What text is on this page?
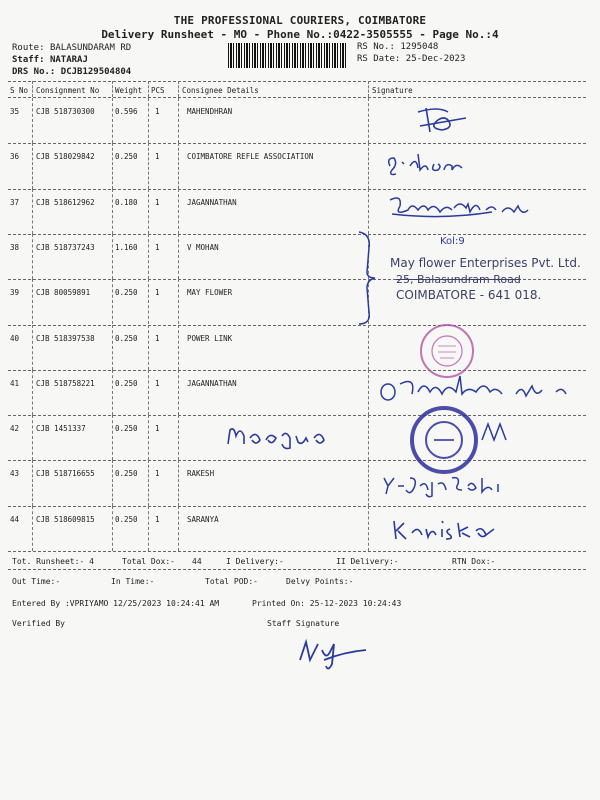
THE PROFESSIONAL COURIERS, COIMBATORE
Delivery Runsheet - MO - Phone No.:0422-3505555 - Page No.:4
Route: BALASUNDARAM RD
Staff: NATARAJ
DRS No.: DCJB129504804
RS No.: 1295048
RS Date: 25-Dec-2023
S No Consignment No Weight PCS Consignee Details	Signature
35 CJB 518730300	0.596 1	MAHENDHRAN
36 CJB 518029842	0.250 1	COIMBATORE REFLE ASSOCIATION
37 CJB 518612962	0.180 1	JAGANNATHAN
38 CJB 518737243	1.160 1	V MOHAN
39 CJB 80059891	0.250 1	MAY FLOWER
40 CJB 518397538	0.250 1	POWER LINK
41 CJB 518758221	0.250 1	JAGANNATHAN
42 CJB 1451337	0.250 1
43 CJB 518716655	0.250 1	RAKESH
44 CJB 518609815	0.250 1	SARANYA
Kol:9
May flower Enterprises Pvt. Ltd.
25, Balasundram Road
COIMBATORE - 641 018.
Tot. Runsheet:- 4	Total Dox:- 44	I Delivery:-	II Delivery:-	RTN Dox:-
Out Time:-	In Time:-	Total POD:-	Delvy Points:-
Entered By :VPRIYAMO 12/25/2023 10:24:41 AM	Printed On: 25-12-2023 10:24:43
Verified By	Staff Signature
